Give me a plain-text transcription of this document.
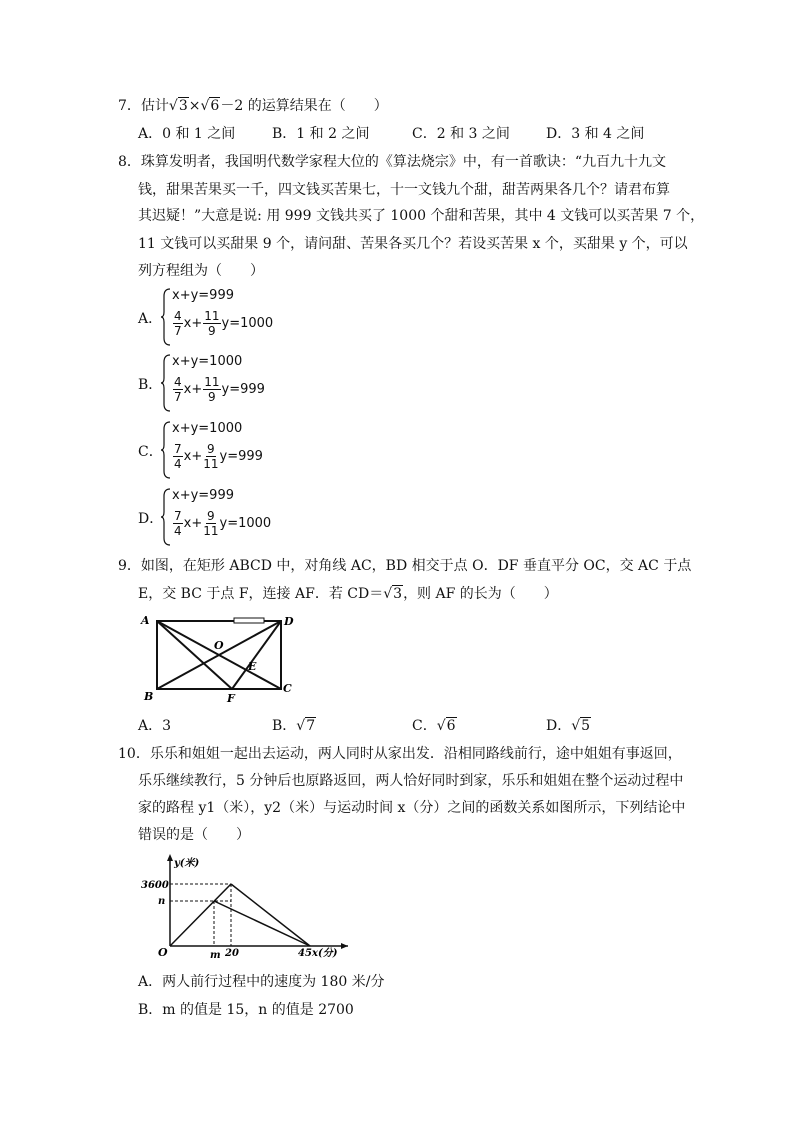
7．估计√3×√6－2 的运算结果在（　　）
A．0 和 1 之间	B．1 和 2 之间	C．2 和 3 之间	D．3 和 4 之间
8．珠算发明者，我国明代数学家程大位的《算法烧宗》中，有一首歌诀：“九百九十九文
钱，甜果苦果买一千，四文钱买苦果七，十一文钱九个甜，甜苦两果各几个？请君布算
其迟疑！”大意是说: 用 999 文钱共买了 1000 个甜和苦果，其中 4 文钱可以买苦果 7 个，
11 文钱可以买甜果 9 个，请问甜、苦果各买几个？若设买苦果 x 个，买甜果 y 个，可以
列方程组为（　　）
A．
x+y=999
$\frac{4}{7} x+ \frac{11}{9} y=1000$
B．
x+y=1000
$\frac{4}{7} x+ \frac{11}{9} y=999$
C．
x+y=1000
$\frac{7}{4} x+ \frac{9}{11} y=999$
D．
x+y=999
$\frac{7}{4} x+ \frac{9}{11} y=1000$
9．如图，在矩形 ABCD 中，对角线 AC，BD 相交于点 O．DF 垂直平分 OC，交 AC 于点
E，交 BC 于点 F，连接 AF．若 CD＝√3，则 AF 的长为（　　）
A	D
B
C
O
E
F
A．3	B．√7	C．√6	D．√5
10．乐乐和姐姐一起出去运动，两人同时从家出发．沿相同路线前行，途中姐姐有事返回，
乐乐继续教行，5 分钟后也原路返回，两人恰好同时到家，乐乐和姐姐在整个运动过程中
家的路程 y1（米），y2（米）与运动时间 x（分）之间的函数关系如图所示，下列结论中
错误的是（　　）
y(米)
x(分)
O
3600
n
m 20	45
A．两人前行过程中的速度为 180 米/分
B．m 的值是 15，n 的值是 2700
